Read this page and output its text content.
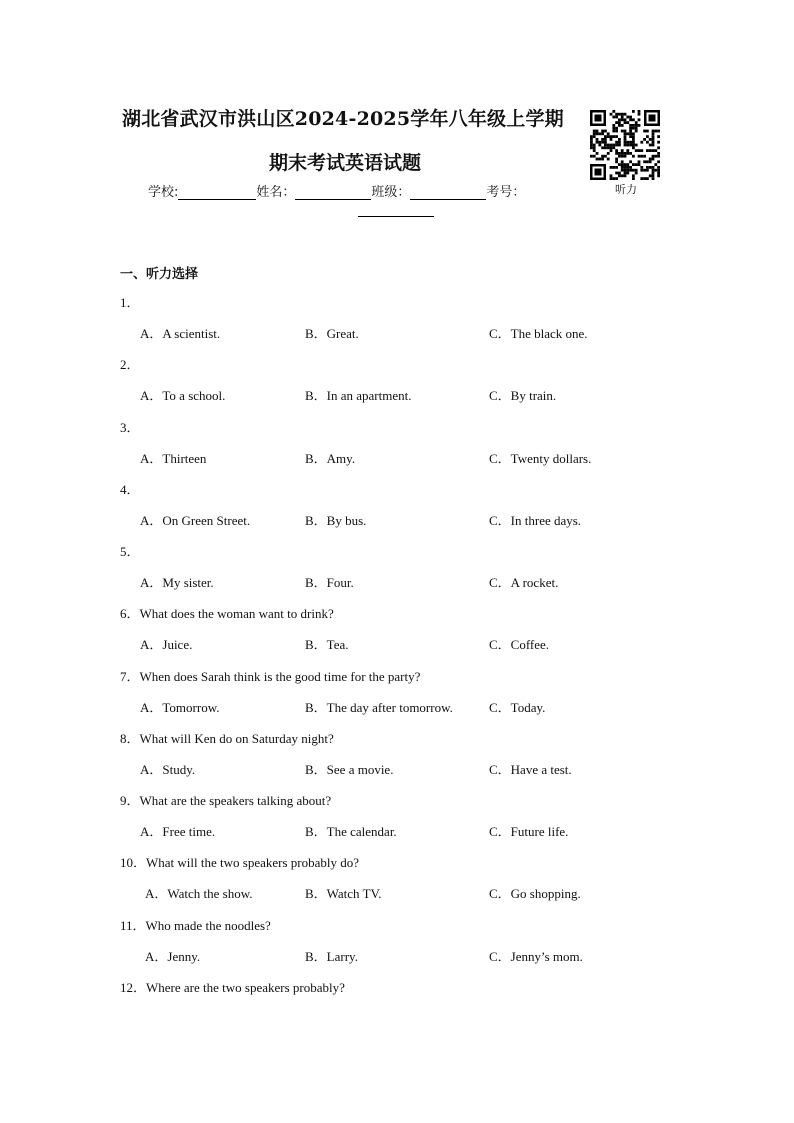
湖北省武汉市洪山区2024-2025学年八年级上学期
期末考试英语试题
听力
学校:	姓名：	班级：	考号：
一、听力选择
1．
A．A scientist.	B．Great.	C．The black one.
2．
A．To a school.	B．In an apartment.	C．By train.
3．
A．Thirteen	B．Amy.	C．Twenty dollars.
4．
A．On Green Street.	B．By bus.	C．In three days.
5．
A．My sister.	B．Four.	C．A rocket.
6．What does the woman want to drink?
A．Juice.	B．Tea.	C．Coffee.
7．When does Sarah think is the good time for the party?
A．Tomorrow.	B．The day after tomorrow.	C．Today.
8．What will Ken do on Saturday night?
A．Study.	B．See a movie.	C．Have a test.
9．What are the speakers talking about?
A．Free time.	B．The calendar.	C．Future life.
10．What will the two speakers probably do?
A．Watch the show.	B．Watch TV.	C．Go shopping.
11．Who made the noodles?
A．Jenny.	B．Larry.	C．Jenny’s mom.
12．Where are the two speakers probably?
